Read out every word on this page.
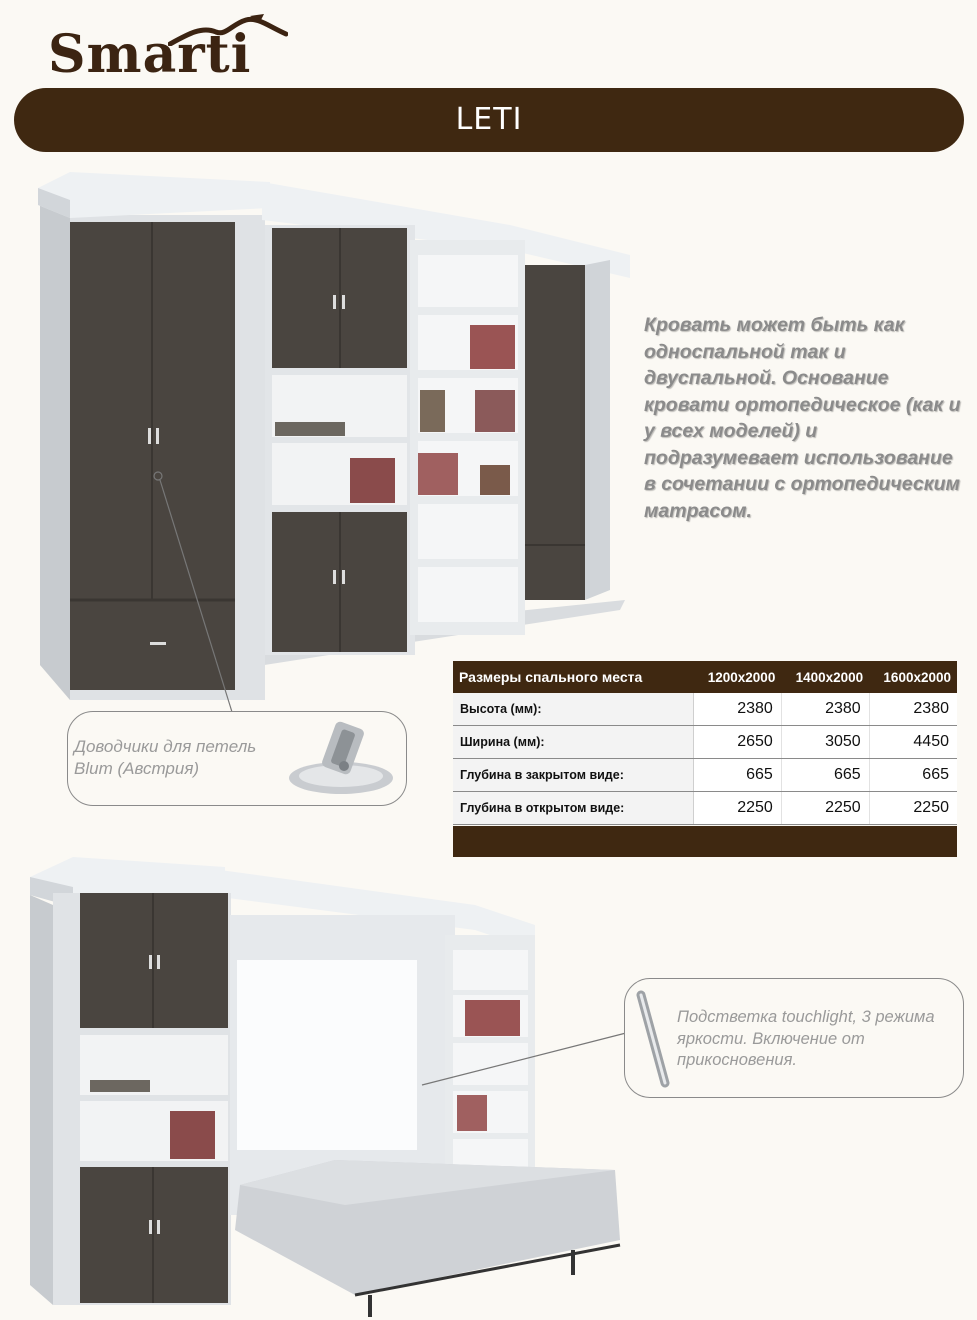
Smarti
LETI
Кровать может быть как односпальной так и двуспальной. Основание кровати ортопедическое (как и у всех моделей) и подразумевает использование в сочетании с ортопедическим матрасом.
Доводчики для петель Blum (Австрия)
Размеры спального места	1200x2000	1400x2000	1600x2000
Высота (мм):	2380	2380	2380
Ширина (мм):	2650	3050	4450
Глубина в закрытом виде:	665	665	665
Глубина в открытом виде:	2250	2250	2250
Подстветка touchlight, 3 режима яркости. Включение от прикосновения.
